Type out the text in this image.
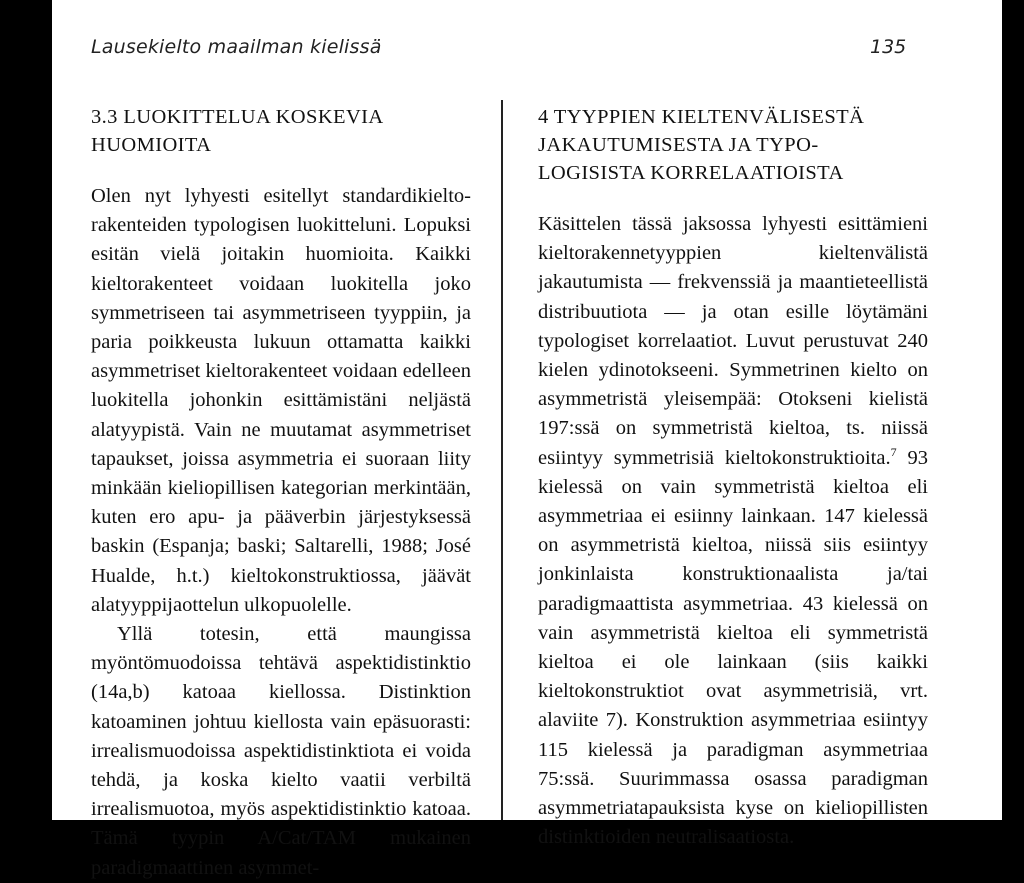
Lausekielto maailman kielissä	135
3.3 LUOKITTELUA KOSKEVIA
HUOMIOITA

Olen nyt lyhyesti esitellyt standardikieltorakenteiden typologisen luokitteluni. Lopuksi esitän vielä joitakin huomioita. Kaikki kieltorakenteet voidaan luokitella joko symmetriseen tai asymmetriseen tyyppiin, ja paria poikkeusta lukuun ottamatta kaikki asymmetriset kieltorakenteet voidaan edelleen luokitella johonkin esittämistäni neljästä alatyypistä. Vain ne muutamat asymmetriset tapaukset, joissa asymmetria ei suoraan liity minkään kieliopillisen kategorian merkintään, kuten ero apu- ja pääverbin järjestyksessä baskin (Espanja; baski; Saltarelli, 1988; José Hualde, h.t.) kieltokonstruktiossa, jäävät alatyyppijaottelun ulkopuolelle.

Yllä totesin, että maungissa myöntömuodoissa tehtävä aspektidistinktio (14a,b) katoaa kiellossa. Distinktion katoaminen johtuu kiellosta vain epäsuorasti: irrealismuodoissa aspektidistinktiota ei voida tehdä, ja koska kielto vaatii verbiltä irrealismuotoa, myös aspektidistinktio katoaa. Tämä tyypin A/Cat/TAM mukainen paradigmaattinen asymmet-

4 TYYPPIEN KIELTENVÄLISESTÄ
JAKAUTUMISESTA JA TYPO-
LOGISISTA KORRELAATIOISTA

Käsittelen tässä jaksossa lyhyesti esittämieni kieltorakennetyyppien kieltenvälistä jakautumista — frekvenssiä ja maantieteellistä distribuutiota — ja otan esille löytämäni typologiset korrelaatiot. Luvut perustuvat 240 kielen ydinotokseeni. Symmetrinen kielto on asymmetristä yleisempää: Otokseni kielistä 197:ssä on symmetristä kieltoa, ts. niissä esiintyy symmetrisiä kieltokonstruktioita.$^7$ 93 kielessä on vain symmetristä kieltoa eli asymmetriaa ei esiinny lainkaan. 147 kielessä on asymmetristä kieltoa, niissä siis esiintyy jonkinlaista konstruktionaalista ja/tai paradigmaattista asymmetriaa. 43 kielessä on vain asymmetristä kieltoa eli symmetristä kieltoa ei ole lainkaan (siis kaikki kieltokonstruktiot ovat asymmetrisiä, vrt. alaviite 7). Konstruktion asymmetriaa esiintyy 115 kielessä ja paradigman asymmetriaa 75:ssä. Suurimmassa osassa paradigman asymmetriatapauksista kyse on kieliopillisten distinktioiden neutralisaatiosta.
